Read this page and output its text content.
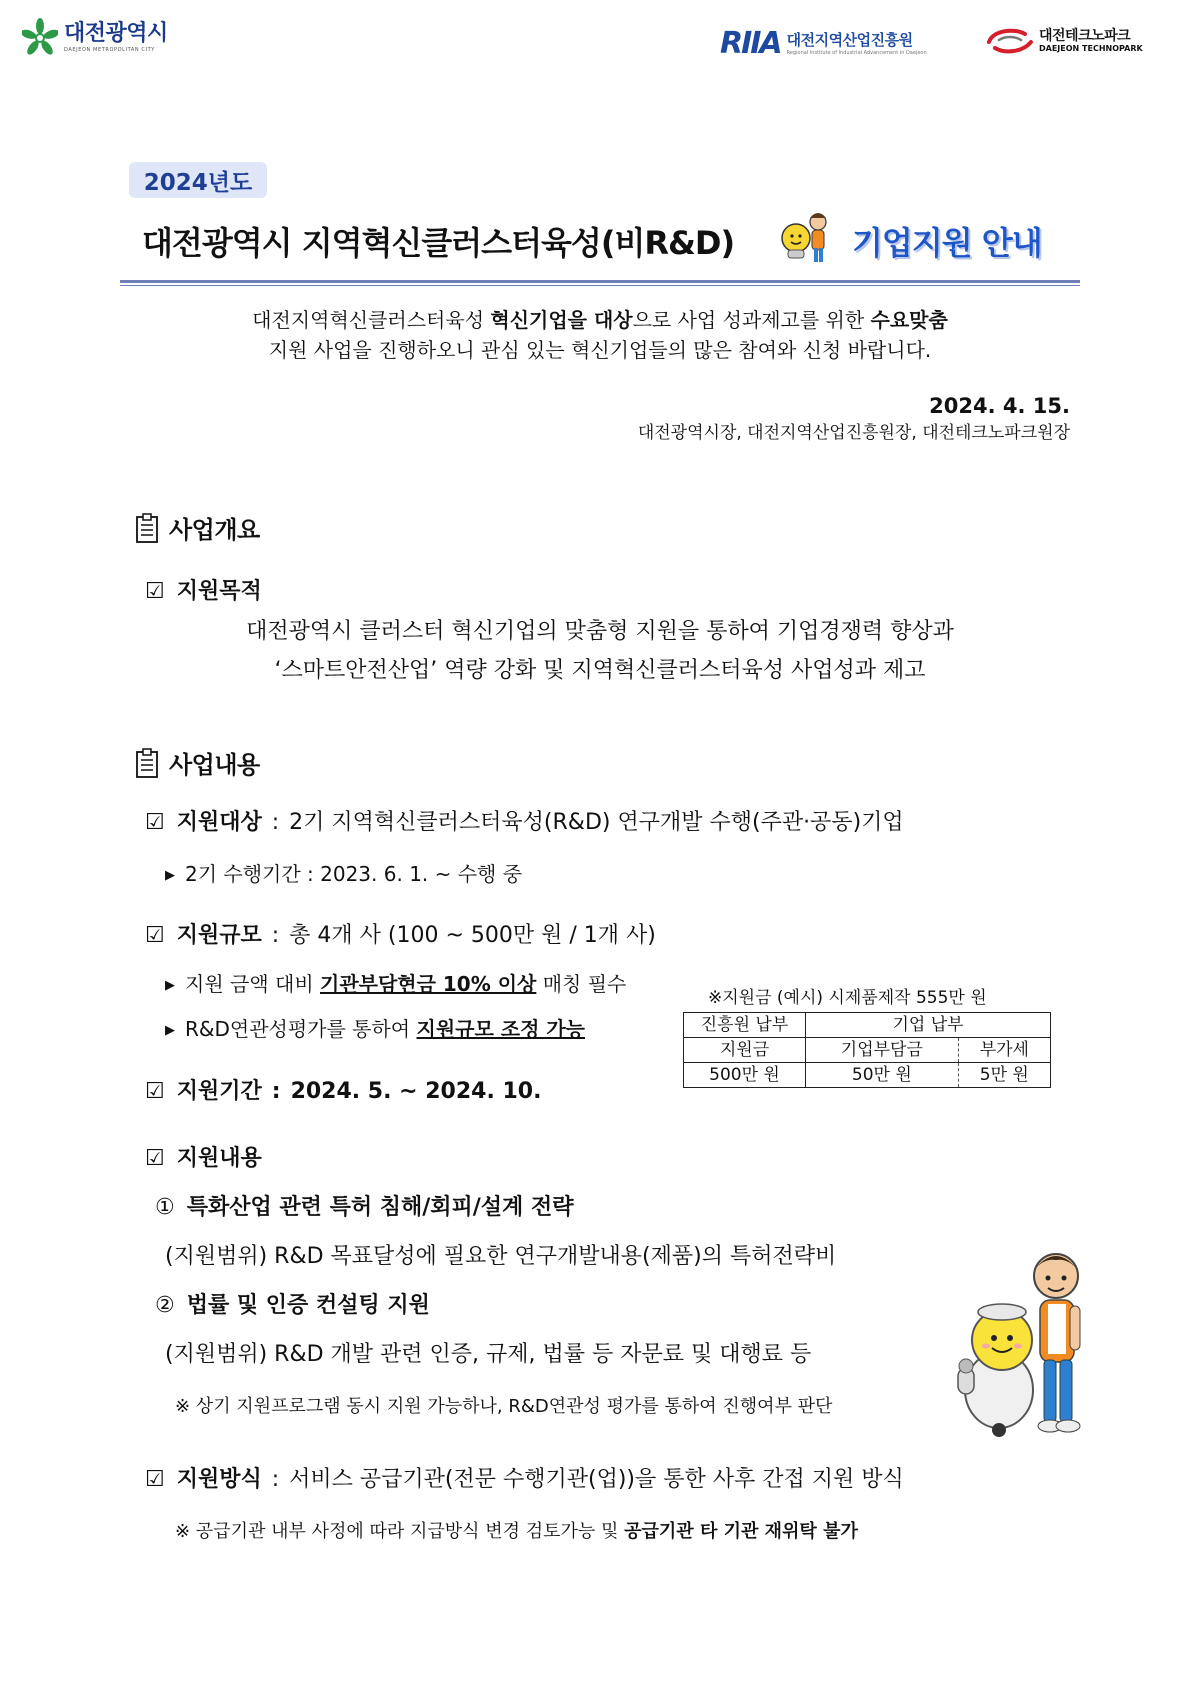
대전광역시
DAEJEON METROPOLITAN CITY	RIIA 대전지역산업진흥원
Regional Institute of Industrial Advancement in Daejeon
대전테크노파크
DAEJEON TECHNOPARK
2024년도
대전광역시 지역혁신클러스터육성(비R&D)	기업지원 안내
대전지역혁신클러스터육성 혁신기업을 대상으로 사업 성과제고를 위한 수요맞춤
지원 사업을 진행하오니 관심 있는 혁신기업들의 많은 참여와 신청 바랍니다.
2024. 4. 15.
대전광역시장, 대전지역산업진흥원장, 대전테크노파크원장
사업개요
☑ 지원목적
대전광역시 클러스터 혁신기업의 맞춤형 지원을 통하여 기업경쟁력 향상과
‘스마트안전산업’ 역량 강화 및 지역혁신클러스터육성 사업성과 제고
사업내용
☑ 지원대상 : 2기 지역혁신클러스터육성(R&D) 연구개발 수행(주관·공동)기업
▶ 2기 수행기간 : 2023. 6. 1. ~ 수행 중
☑ 지원규모 : 총 4개 사 (100 ~ 500만 원 / 1개 사)
▶ 지원 금액 대비 기관부담현금 10% 이상 매칭 필수
▶ R&D연관성평가를 통하여 지원규모 조정 가능
※지원금 (예시) 시제품제작 555만 원
진흥원 납부	기업 납부	
지원금	기업부담금	부가세
500만 원	50만 원	5만 원
☑ 지원기간 : 2024. 5. ~ 2024. 10.
☑ 지원내용
① 특화산업 관련 특허 침해/회피/설계 전략
(지원범위) R&D 목표달성에 필요한 연구개발내용(제품)의 특허전략비
② 법률 및 인증 컨설팅 지원
(지원범위) R&D 개발 관련 인증, 규제, 법률 등 자문료 및 대행료 등
※ 상기 지원프로그램 동시 지원 가능하나, R&D연관성 평가를 통하여 진행여부 판단
☑ 지원방식 : 서비스 공급기관(전문 수행기관(업))을 통한 사후 간접 지원 방식
※ 공급기관 내부 사정에 따라 지급방식 변경 검토가능 및 공급기관 타 기관 재위탁 불가
